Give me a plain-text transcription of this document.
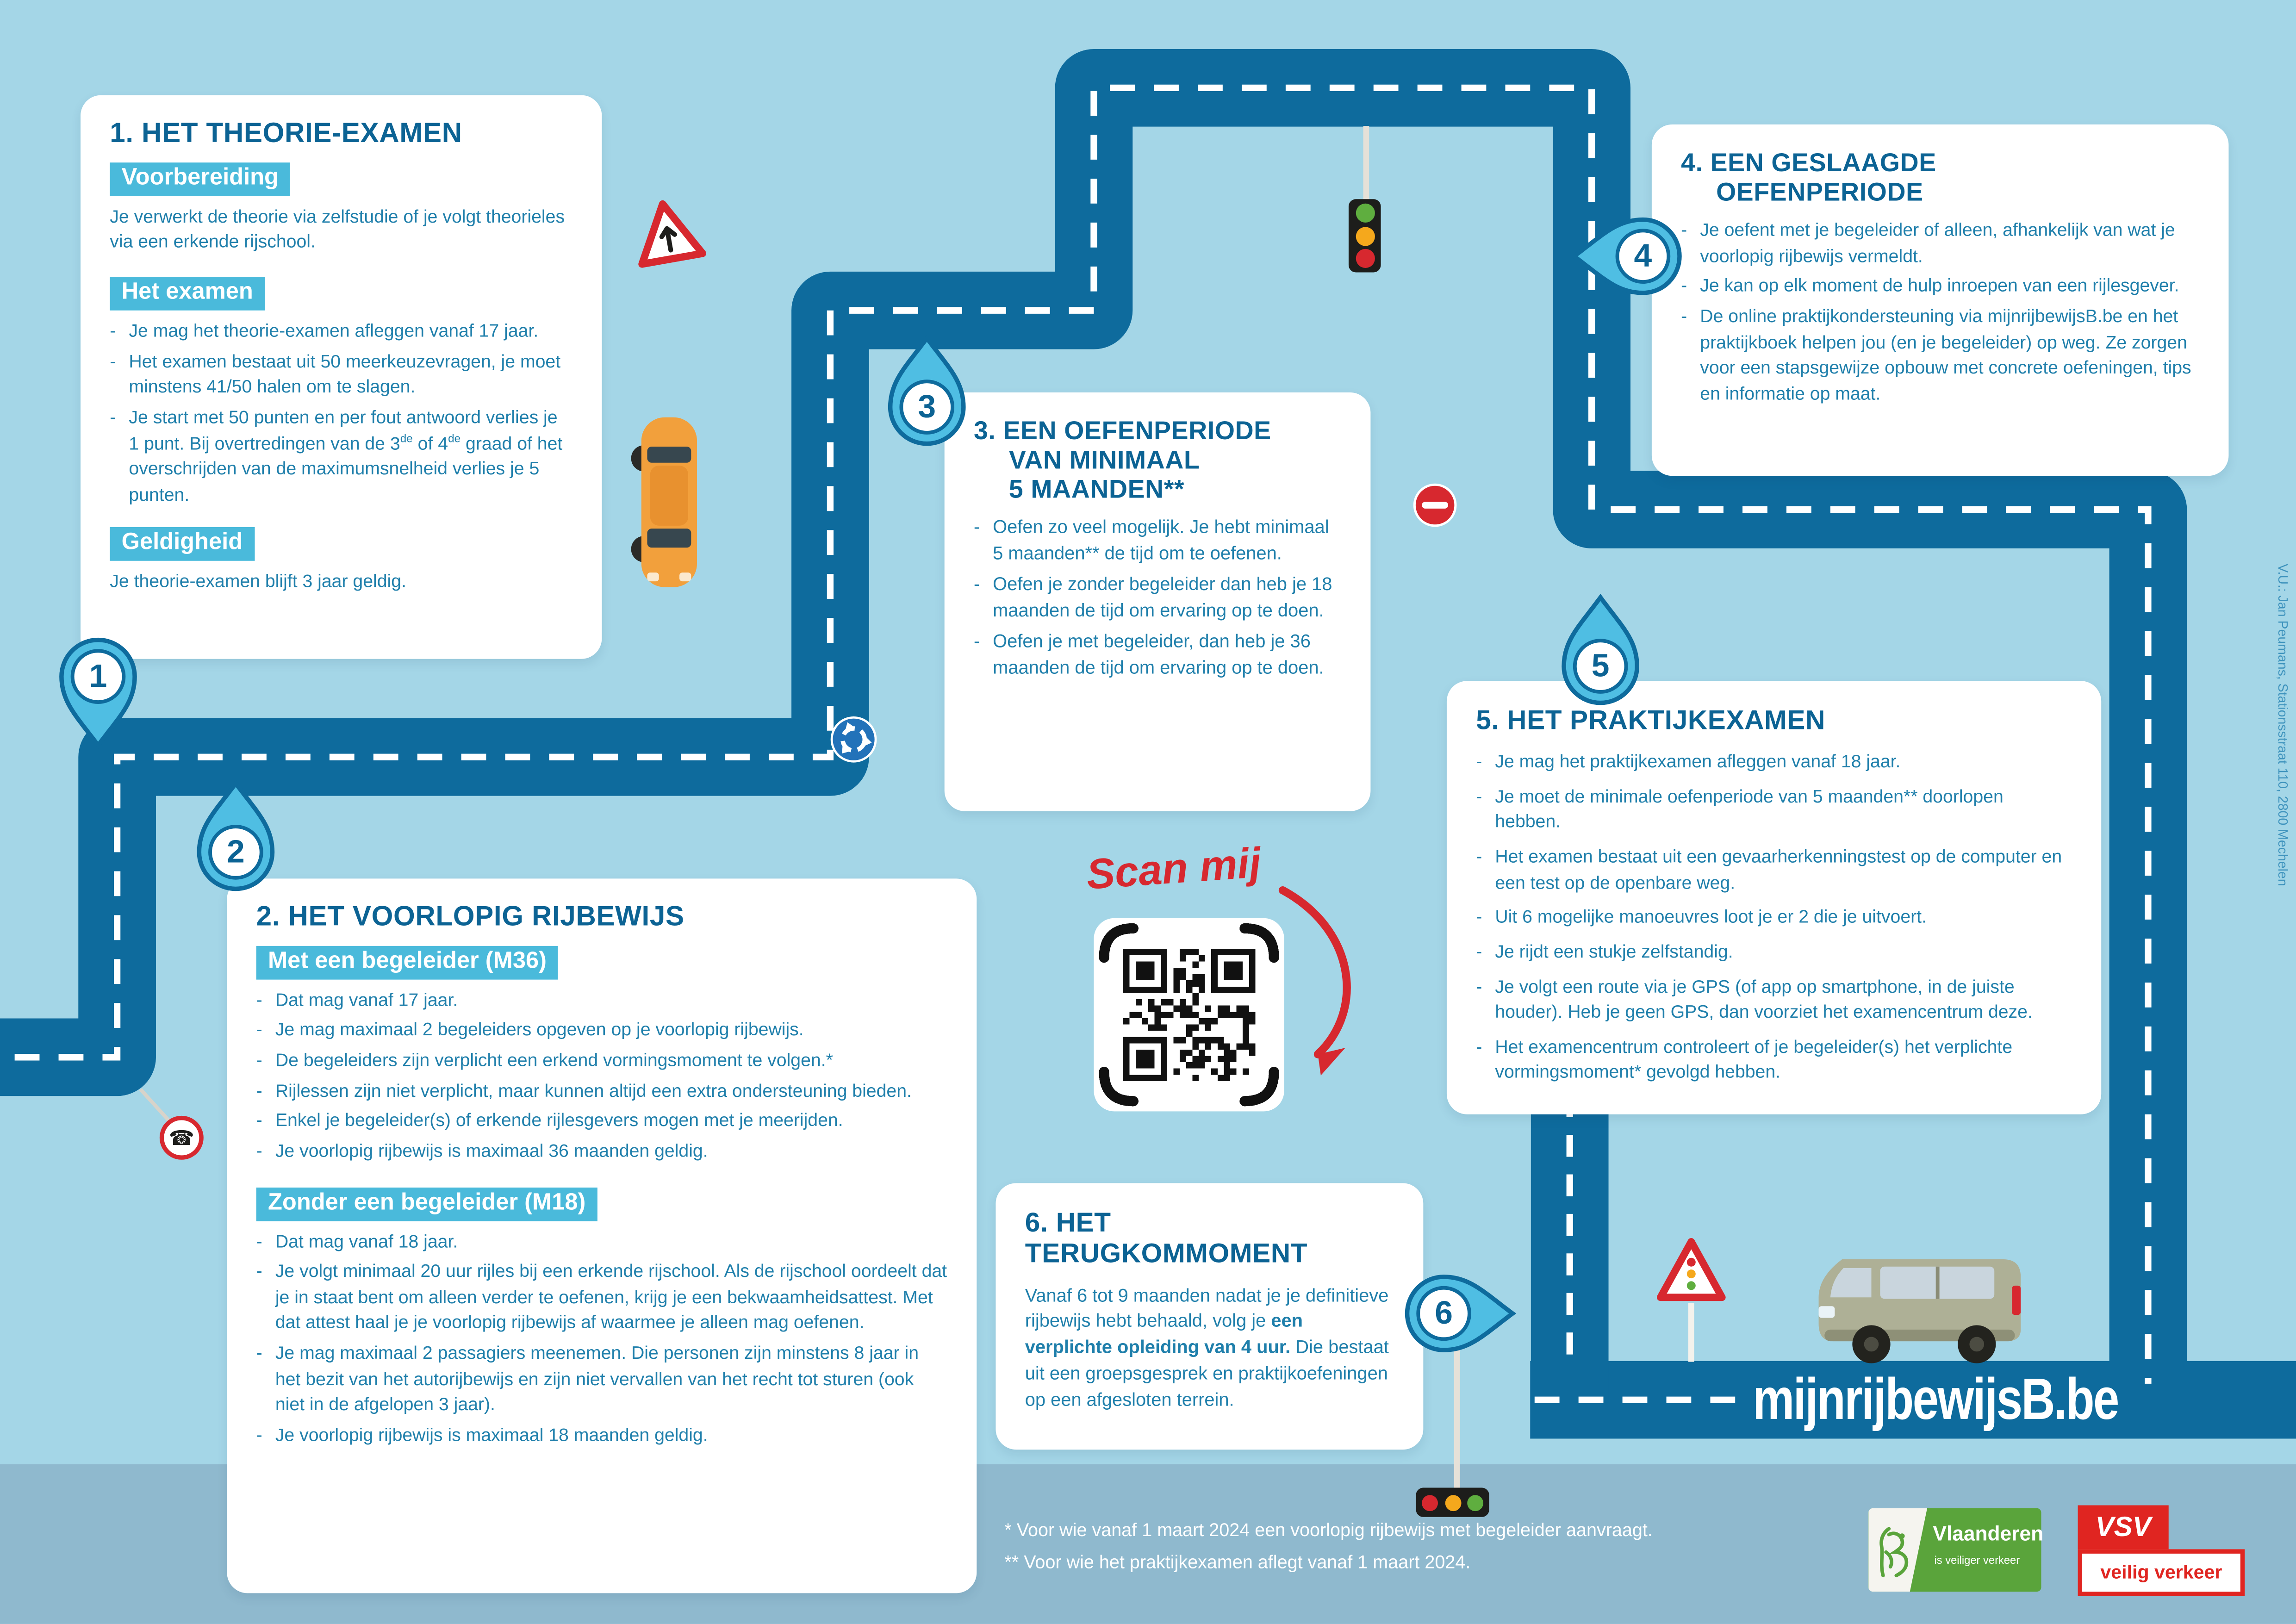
1. HET THEORIE-EXAMEN
Voorbereiding
Je verwerkt de theorie via zelfstudie of je volgt theorieles via een erkende rijschool.
Het examen
- Je mag het theorie-examen afleggen vanaf 17 jaar.
- Het examen bestaat uit 50 meerkeuzevragen, je moet minstens 41/50 halen om te slagen.
- Je start met 50 punten en per fout antwoord verlies je 1 punt. Bij overtredingen van de 3de of 4de graad of het overschrijden van de maximumsnelheid verlies je 5 punten.
Geldigheid
Je theorie-examen blijft 3 jaar geldig.
2. HET VOORLOPIG RIJBEWIJS
Met een begeleider (M36)
- Dat mag vanaf 17 jaar.
- Je mag maximaal 2 begeleiders opgeven op je voorlopig rijbewijs.
- De begeleiders zijn verplicht een erkend vormingsmoment te volgen.*
- Rijlessen zijn niet verplicht, maar kunnen altijd een extra ondersteuning bieden.
- Enkel je begeleider(s) of erkende rijlesgevers mogen met je meerijden.
- Je voorlopig rijbewijs is maximaal 36 maanden geldig.
Zonder een begeleider (M18)
- Dat mag vanaf 18 jaar.
- Je volgt minimaal 20 uur rijles bij een erkende rijschool. Als de rijschool oordeelt dat je in staat bent om alleen verder te oefenen, krijg je een bekwaamheidsattest. Met dat attest haal je je voorlopig rijbewijs af waarmee je alleen mag oefenen.
- Je mag maximaal 2 passagiers meenemen. Die personen zijn minstens 8 jaar in het bezit van het autorijbewijs en zijn niet vervallen van het recht tot sturen (ook niet in de afgelopen 3 jaar).
- Je voorlopig rijbewijs is maximaal 18 maanden geldig.
3. EEN OEFENPERIODE
VAN MINIMAAL
5 MAANDEN**
- Oefen zo veel mogelijk. Je hebt minimaal 5 maanden** de tijd om te oefenen.
- Oefen je zonder begeleider dan heb je 18 maanden de tijd om ervaring op te doen.
- Oefen je met begeleider, dan heb je 36 maanden de tijd om ervaring op te doen.
4. EEN GESLAAGDE
OEFENPERIODE
- Je oefent met je begeleider of alleen, afhankelijk van wat je voorlopig rijbewijs vermeldt.
- Je kan op elk moment de hulp inroepen van een rijlesgever.
- De online praktijkondersteuning via mijnrijbewijsB.be en het praktijkboek helpen jou (en je begeleider) op weg. Ze zorgen voor een stapsgewijze opbouw met concrete oefeningen, tips en informatie op maat.
5. HET PRAKTIJKEXAMEN
- Je mag het praktijkexamen afleggen vanaf 18 jaar.
- Je moet de minimale oefenperiode van 5 maanden** doorlopen hebben.
- Het examen bestaat uit een gevaarherkenningstest op de computer en een test op de openbare weg.
- Uit 6 mogelijke manoeuvres loot je er 2 die je uitvoert.
- Je rijdt een stukje zelfstandig.
- Je volgt een route via je GPS (of app op smartphone, in de juiste houder). Heb je geen GPS, dan voorziet het examencentrum deze.
- Het examencentrum controleert of je begeleider(s) het verplichte vormingsmoment* gevolgd hebben.
6. HET TERUGKOMMOMENT
Vanaf 6 tot 9 maanden nadat je je definitieve rijbewijs hebt behaald, volg je een verplichte opleiding van 4 uur. Die bestaat uit een groepsgesprek en praktijkoefeningen op een afgesloten terrein.
1
2
3
4
5
6
☎
Scan mij
mijnrijbewijsB.be
* Voor wie vanaf 1 maart 2024 een voorlopig rijbewijs met begeleider aanvraagt.
** Voor wie het praktijkexamen aflegt vanaf 1 maart 2024.
V.U.: Jan Peumans, Stationsstraat 110, 2800 Mechelen
Vlaanderen
is veiliger verkeer
VSV
veilig verkeer
